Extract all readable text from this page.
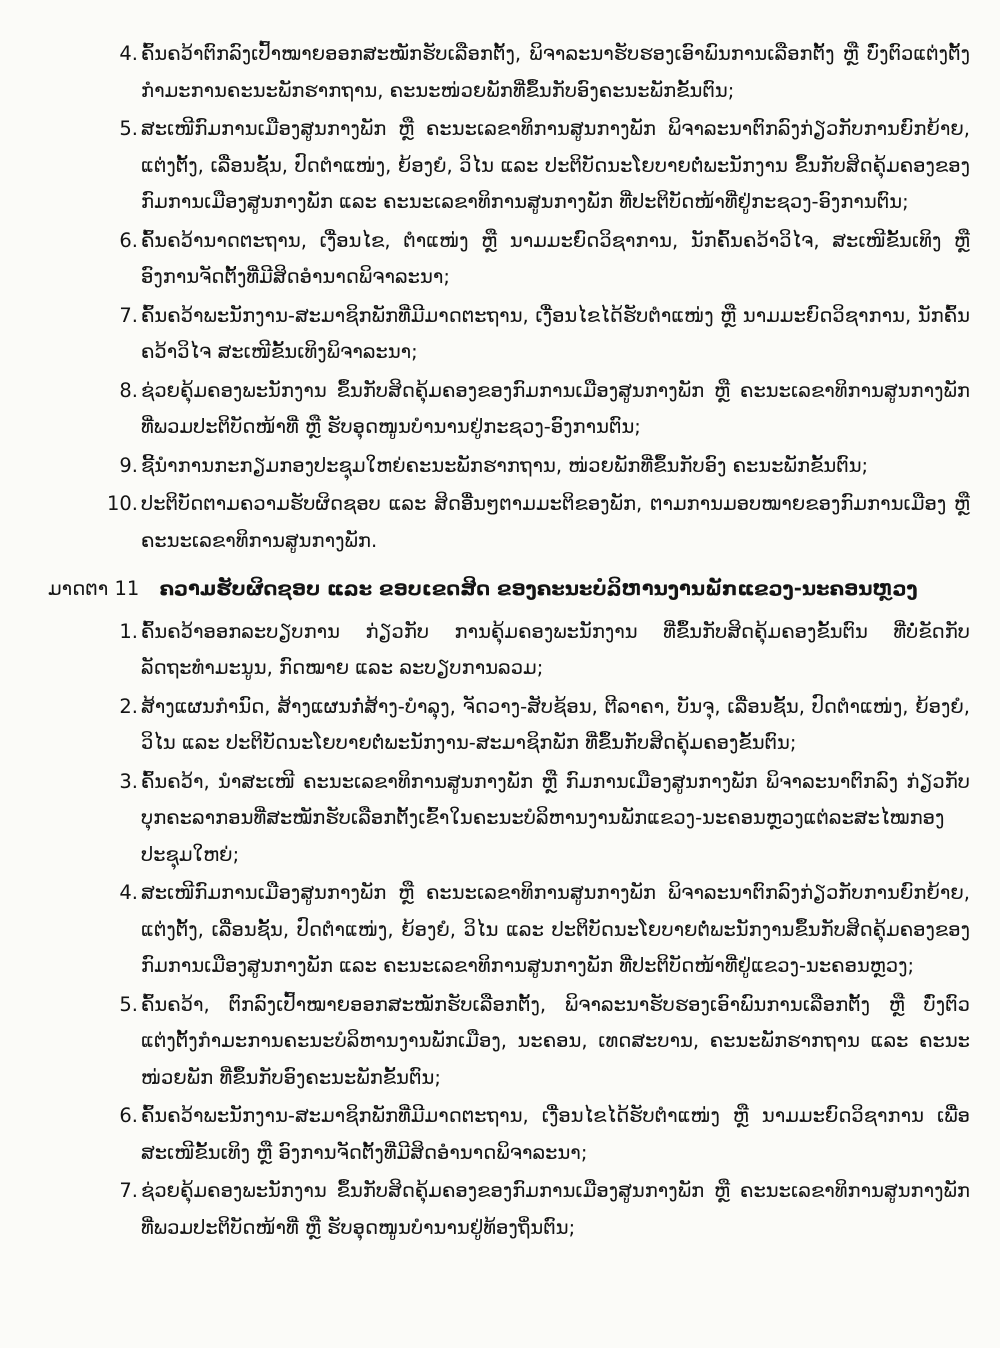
4. ຄົ້ນຄວ້າຕົກລົງເປົ້າໝາຍອອກສະໝັກຮັບເລືອກຕັ້ງ, ພິຈາລະນາຮັບຮອງເອົາພົນການເລືອກຕັ້ງ ຫຼື ບົ່ງຕົວແຕ່ງຕັ້ງກຳມະການຄະນະພັກຮາກຖານ, ຄະນະໜ່ວຍພັກທີ່ຂຶ້ນກັບອົງຄະນະພັກຂັ້ນຕົນ;
5. ສະເໜີກົມການເມືອງສູນກາງພັກ ຫຼື ຄະນະເລຂາທິການສູນກາງພັກ ພິຈາລະນາຕົກລົງກ່ຽວກັບການຍົກຍ້າຍ, ແຕ່ງຕັ້ງ, ເລື່ອນຊັ້ນ, ປົດຕຳແໜ່ງ, ຍ້ອງຍໍ, ວິໄນ ແລະ ປະຕິບັດນະໂຍບາຍຕໍ່ພະນັກງານ ຂຶ້ນກັບສິດຄຸ້ມຄອງຂອງກົມການເມືອງສູນກາງພັກ ແລະ ຄະນະເລຂາທິການສູນກາງພັກ ທີ່ປະຕິບັດໜ້າທີ່ຢູ່ກະຊວງ-ອົງການຕົນ;
6. ຄົ້ນຄວ້ານາດຕະຖານ, ເງື່ອນໄຂ, ຕຳແໜ່ງ ຫຼື ນາມມະຍົດວິຊາການ, ນັກຄົ້ນຄວ້າວິໄຈ, ສະເໜີຂັ້ນເທິງ ຫຼື ອົງການຈັດຕັ້ງທີ່ມີສິດອຳນາດພິຈາລະນາ;
7. ຄົ້ນຄວ້າພະນັກງານ-ສະມາຊິກພັກທີ່ມີມາດຕະຖານ, ເງື່ອນໄຂໄດ້ຮັບຕຳແໜ່ງ ຫຼື ນາມມະຍົດວິຊາການ, ນັກຄົ້ນຄວ້າວິໄຈ ສະເໜີຂັ້ນເທິງພິຈາລະນາ;
8. ຊ່ວຍຄຸ້ມຄອງພະນັກງານ ຂຶ້ນກັບສິດຄຸ້ມຄອງຂອງກົມການເມືອງສູນກາງພັກ ຫຼື ຄະນະເລຂາທິການສູນກາງພັກ ທີ່ພວມປະຕິບັດໜ້າທີ່ ຫຼື ຮັບອຸດໜູນບຳນານຢູ່ກະຊວງ-ອົງການຕົນ;
9. ຊີ້ນຳການກະກຽມກອງປະຊຸມໃຫຍ່ຄະນະພັກຮາກຖານ, ໜ່ວຍພັກທີ່ຂຶ້ນກັບອົງ ຄະນະພັກຂັ້ນຕົນ;
10. ປະຕິບັດຕາມຄວາມຮັບຜິດຊອບ ແລະ ສິດອື່ນໆຕາມມະຕິຂອງພັກ, ຕາມການມອບໝາຍຂອງກົມການເມືອງ ຫຼື ຄະນະເລຂາທິການສູນກາງພັກ.
ມາດຕາ 11 ຄວາມຮັບຜິດຊອບ ແລະ ຂອບເຂດສິດ ຂອງຄະນະບໍລິຫານງານພັກແຂວງ-ນະຄອນຫຼວງ
1. ຄົ້ນຄວ້າອອກລະບຽບການ ກ່ຽວກັບ ການຄຸ້ມຄອງພະນັກງານ ທີ່ຂຶ້ນກັບສິດຄຸ້ມຄອງຂັ້ນຕົນ ທີ່ບໍ່ຂັດກັບລັດຖະທຳມະນູນ, ກົດໝາຍ ແລະ ລະບຽບການລວມ;
2. ສ້າງແຜນກຳນົດ, ສ້າງແຜນກໍ່ສ້າງ-ບຳລຸງ, ຈັດວາງ-ສັບຊ້ອນ, ຕີລາຄາ, ບັນຈຸ, ເລື່ອນຊັ້ນ, ປົດຕຳແໜ່ງ, ຍ້ອງຍໍ, ວິໄນ ແລະ ປະຕິບັດນະໂຍບາຍຕໍ່ພະນັກງານ-ສະມາຊິກພັກ ທີ່ຂຶ້ນກັບສິດຄຸ້ມຄອງຂັ້ນຕົນ;
3. ຄົ້ນຄວ້າ, ນຳສະເໜີ ຄະນະເລຂາທິການສູນກາງພັກ ຫຼື ກົມການເມືອງສູນກາງພັກ ພິຈາລະນາຕົກລົງ ກ່ຽວກັບ ບຸກຄະລາກອນທີ່ສະໝັກຮັບເລືອກຕັ້ງເຂົ້າໃນຄະນະບໍລິຫານງານພັກແຂວງ-ນະຄອນຫຼວງແຕ່ລະສະໄໝກອງປະຊຸມໃຫຍ່;
4. ສະເໜີກົມການເມືອງສູນກາງພັກ ຫຼື ຄະນະເລຂາທິການສູນກາງພັກ ພິຈາລະນາຕົກລົງກ່ຽວກັບການຍົກຍ້າຍ, ແຕ່ງຕັ້ງ, ເລື່ອນຊັ້ນ, ປົດຕຳແໜ່ງ, ຍ້ອງຍໍ, ວິໄນ ແລະ ປະຕິບັດນະໂຍບາຍຕໍ່ພະນັກງານຂຶ້ນກັບສິດຄຸ້ມຄອງຂອງກົມການເມືອງສູນກາງພັກ ແລະ ຄະນະເລຂາທິການສູນກາງພັກ ທີ່ປະຕິບັດໜ້າທີ່ຢູ່ແຂວງ-ນະຄອນຫຼວງ;
5. ຄົ້ນຄວ້າ, ຕົກລົງເປົ້າໝາຍອອກສະໝັກຮັບເລືອກຕັ້ງ, ພິຈາລະນາຮັບຮອງເອົາພົນການເລືອກຕັ້ງ ຫຼື ບົ່ງຕົວແຕ່ງຕັ້ງກຳມະການຄະນະບໍລິຫານງານພັກເມືອງ, ນະຄອນ, ເທດສະບານ, ຄະນະພັກຮາກຖານ ແລະ ຄະນະໜ່ວຍພັກ ທີ່ຂຶ້ນກັບອົງຄະນະພັກຂັ້ນຕົນ;
6. ຄົ້ນຄວ້າພະນັກງານ-ສະມາຊິກພັກທີ່ມີມາດຕະຖານ, ເງື່ອນໄຂໄດ້ຮັບຕຳແໜ່ງ ຫຼື ນາມມະຍົດວິຊາການ ເພື່ອສະເໜີຂັ້ນເທິງ ຫຼື ອົງການຈັດຕັ້ງທີ່ມີສິດອຳນາດພິຈາລະນາ;
7. ຊ່ວຍຄຸ້ມຄອງພະນັກງານ ຂຶ້ນກັບສິດຄຸ້ມຄອງຂອງກົມການເມືອງສູນກາງພັກ ຫຼື ຄະນະເລຂາທິການສູນກາງພັກ ທີ່ພວມປະຕິບັດໜ້າທີ່ ຫຼື ຮັບອຸດໜູນບຳນານຢູ່ທ້ອງຖິ່ນຕົນ;
